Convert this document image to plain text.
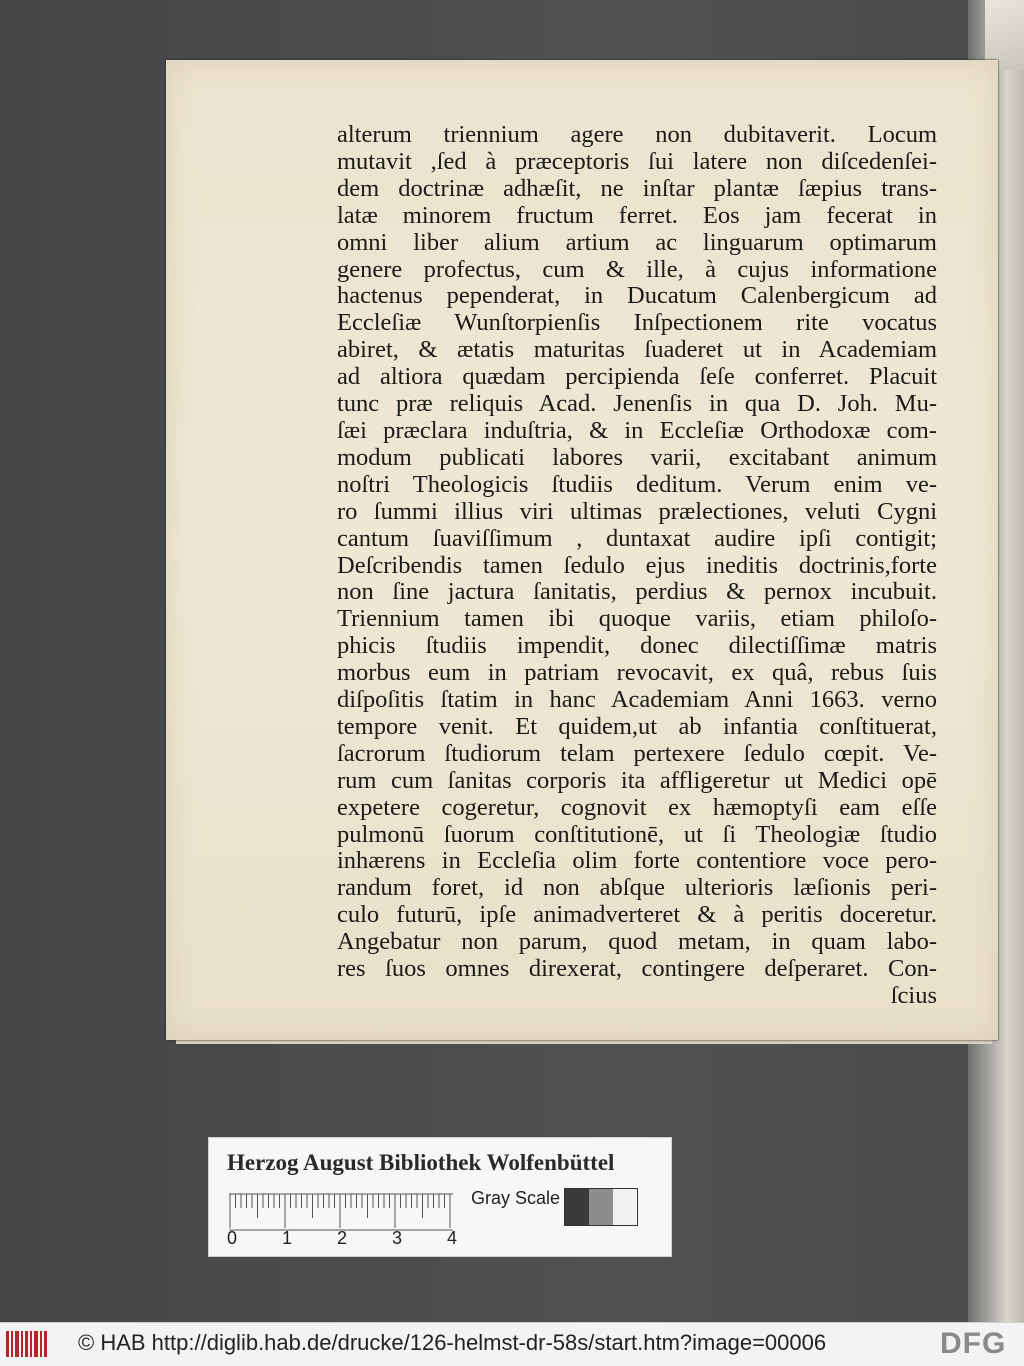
alterum triennium agere non dubitaverit. Locum
mutavit ,ſed à præceptoris ſui latere non diſcedenſei-
dem doctrinæ adhæſit, ne inſtar plantæ ſæpius trans-
latæ minorem fructum ferret. Eos jam fecerat in
omni liber alium artium ac linguarum optimarum
genere profectus, cum & ille, à cujus informatione
hactenus pependerat, in Ducatum Calenbergicum ad
Eccleſiæ Wunſtorpienſis Inſpectionem rite vocatus
abiret, & ætatis maturitas ſuaderet ut in Academiam
ad altiora quædam percipienda ſeſe conferret. Placuit
tunc præ reliquis Acad. Jenenſis in qua D. Joh. Mu-
ſæi præclara induſtria, & in Eccleſiæ Orthodoxæ com-
modum publicati labores varii, excitabant animum
noſtri Theologicis ſtudiis deditum. Verum enim ve-
ro ſummi illius viri ultimas prælectiones, veluti Cygni
cantum ſuaviſſimum , duntaxat audire ipſi contigit;
Deſcribendis tamen ſedulo ejus ineditis doctrinis,forte
non ſine jactura ſanitatis, perdius & pernox incubuit.
Triennium tamen ibi quoque variis, etiam philoſo-
phicis ſtudiis impendit, donec dilectiſſimæ matris
morbus eum in patriam revocavit, ex quâ, rebus ſuis
diſpoſitis ſtatim in hanc Academiam Anni 1663. verno
tempore venit. Et quidem,ut ab infantia conſtituerat,
ſacrorum ſtudiorum telam pertexere ſedulo cœpit. Ve-
rum cum ſanitas corporis ita affligeretur ut Medici opē
expetere cogeretur, cognovit ex hæmoptyſi eam eſſe
pulmonū ſuorum conſtitutionē, ut ſi Theologiæ ſtudio
inhærens in Eccleſia olim forte contentiore voce pero-
randum foret, id non abſque ulterioris læſionis peri-
culo futurū, ipſe animadverteret & à peritis doceretur.
Angebatur non parum, quod metam, in quam labo-
res ſuos omnes direxerat, contingere deſperaret. Con-
ſcius
Herzog August Bibliothek Wolfenbüttel
0 1 2 3 4
Gray Scale
© HAB http://diglib.hab.de/drucke/126-helmst-dr-58s/start.htm?image=00006	DFG
